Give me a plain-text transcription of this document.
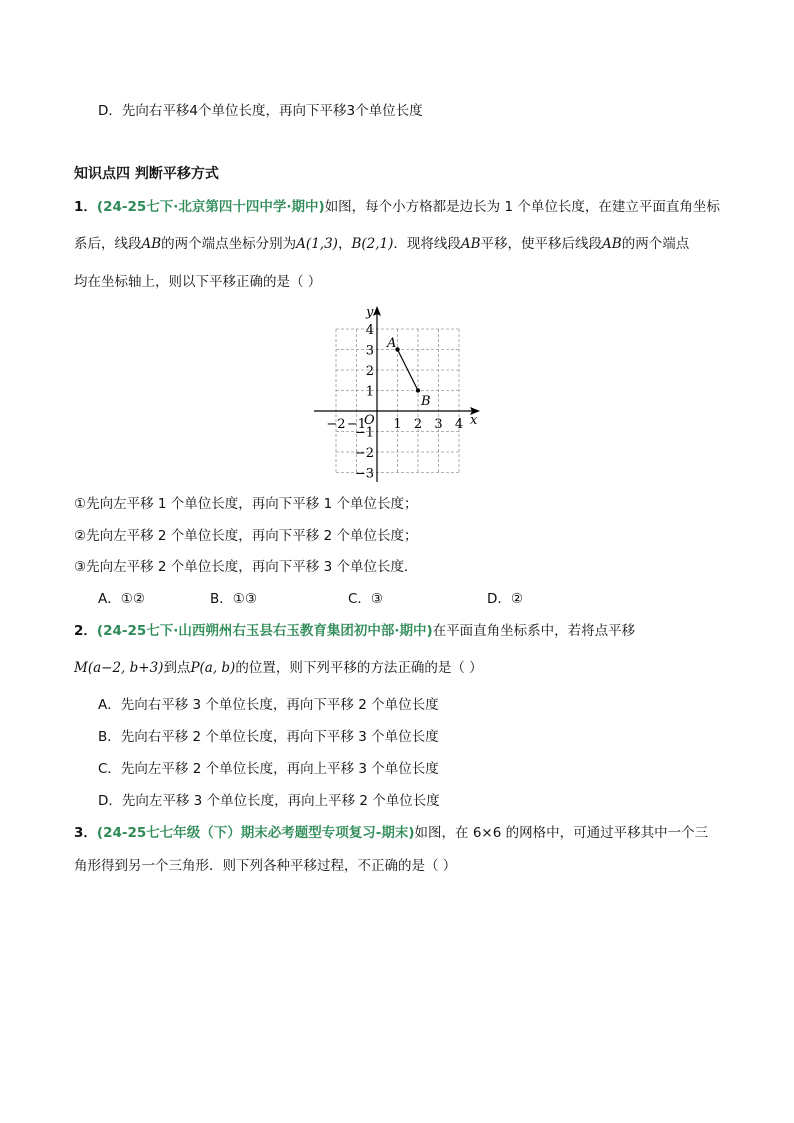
D．先向右平移4个单位长度，再向下平移3个单位长度
知识点四 判断平移方式
1．(24-25七下·北京第四十四中学·期中)如图，每个小方格都是边长为 1 个单位长度，在建立平面直角坐标
系后，线段AB的两个端点坐标分别为A(1,3)，B(2,1)．现将线段AB平移，使平移后线段AB的两个端点
均在坐标轴上，则以下平移正确的是（ ）
x
y
O
−2 −1 1 2 3 4
4
3
2
1
−1
−2
−3
A
B
①先向左平移 1 个单位长度，再向下平移 1 个单位长度；
②先向左平移 2 个单位长度，再向下平移 2 个单位长度；
③先向左平移 2 个单位长度，再向下平移 3 个单位长度．
A．①②	B．①③	C．③	D．②
2．(24-25七下·山西朔州右玉县右玉教育集团初中部·期中)在平面直角坐标系中，若将点平移
M(a−2, b+3)到点P(a, b)的位置，则下列平移的方法正确的是（ ）
A．先向右平移 3 个单位长度，再向下平移 2 个单位长度
B．先向右平移 2 个单位长度，再向下平移 3 个单位长度
C．先向左平移 2 个单位长度，再向上平移 3 个单位长度
D．先向左平移 3 个单位长度，再向上平移 2 个单位长度
3．(24-25七七年级（下）期末必考题型专项复习-期末)如图，在 6×6 的网格中，可通过平移其中一个三
角形得到另一个三角形．则下列各种平移过程，不正确的是（ ）
